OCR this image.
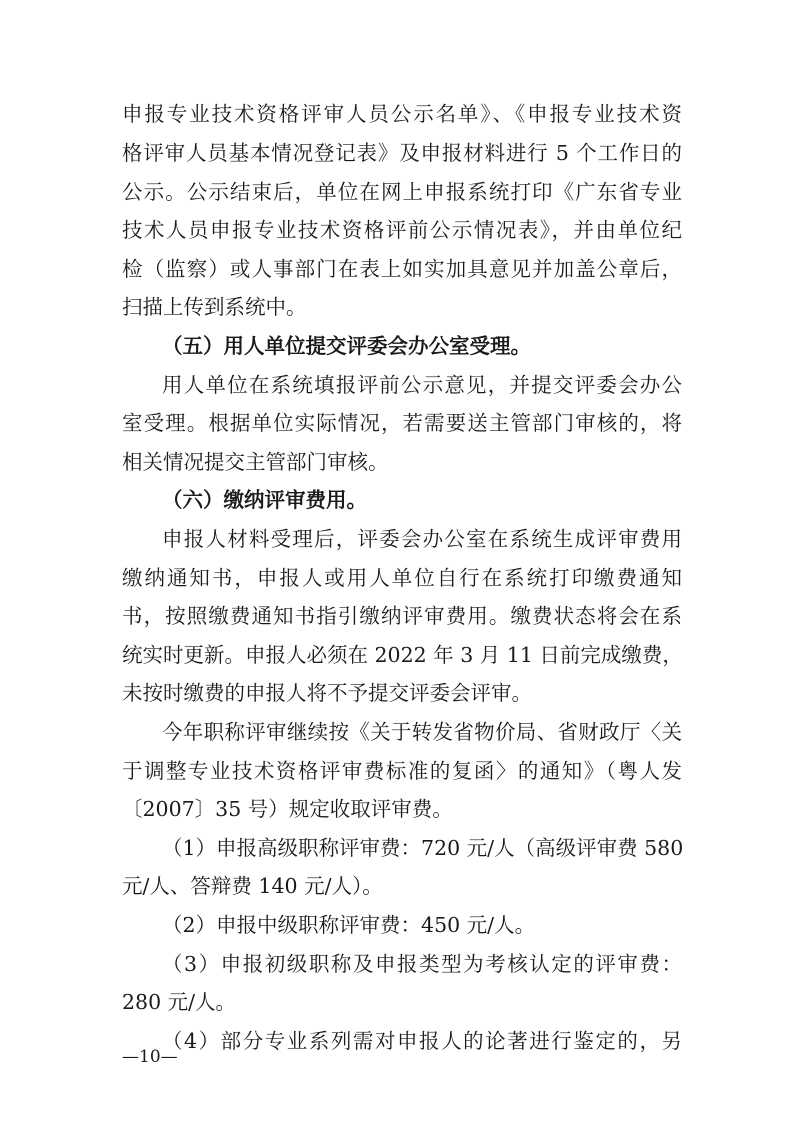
申报专业技术资格评审人员公示名单》、《申报专业技术资
格评审人员基本情况登记表》及申报材料进行 5 个工作日的
公示。公示结束后，单位在网上申报系统打印《广东省专业
技术人员申报专业技术资格评前公示情况表》，并由单位纪
检（监察）或人事部门在表上如实加具意见并加盖公章后，
扫描上传到系统中。
（五）用人单位提交评委会办公室受理。
用人单位在系统填报评前公示意见，并提交评委会办公
室受理。根据单位实际情况，若需要送主管部门审核的，将
相关情况提交主管部门审核。
（六）缴纳评审费用。
申报人材料受理后，评委会办公室在系统生成评审费用
缴纳通知书，申报人或用人单位自行在系统打印缴费通知
书，按照缴费通知书指引缴纳评审费用。缴费状态将会在系
统实时更新。申报人必须在 2022 年 3 月 11 日前完成缴费，
未按时缴费的申报人将不予提交评委会评审。
今年职称评审继续按《关于转发省物价局、省财政厅〈关
于调整专业技术资格评审费标准的复函〉的通知》（粤人发
〔2007〕35 号）规定收取评审费。
（1）申报高级职称评审费：720 元/人（高级评审费 580
元/人、答辩费 140 元/人）。
（2）申报中级职称评审费：450 元/人。
（3）申报初级职称及申报类型为考核认定的评审费：
280 元/人。
（4）部分专业系列需对申报人的论著进行鉴定的，另
—10—
